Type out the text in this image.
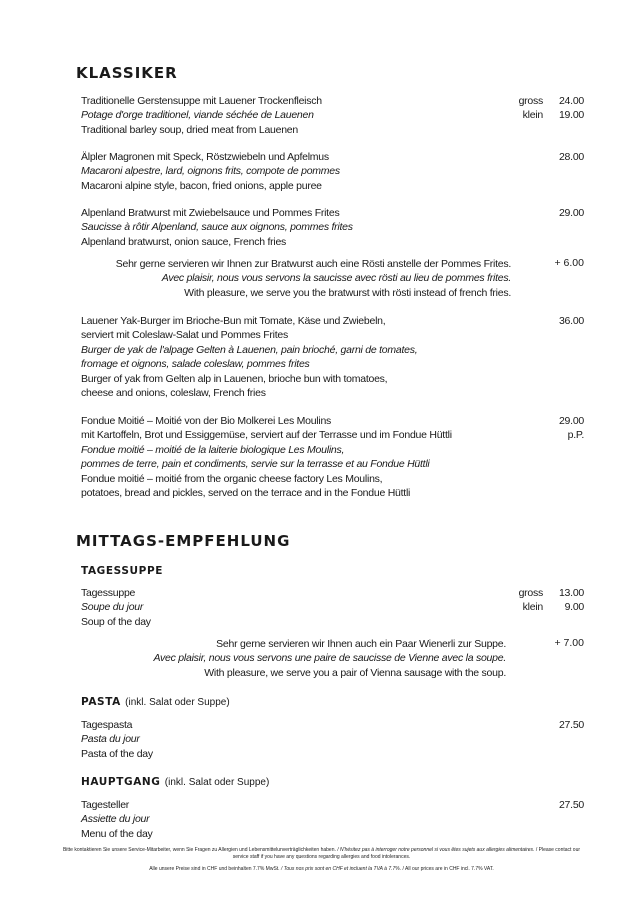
KLASSIKER
Traditionelle Gerstensuppe mit Lauener Trockenfleisch
Potage d'orge traditionel, viande séchée de Lauenen
Traditional barley soup, dried meat from Lauenen
gross 24.00
klein 19.00
Älpler Magronen mit Speck, Röstzwiebeln und Apfelmus
Macaroni alpestre, lard, oignons frits, compote de pommes
Macaroni alpine style, bacon, fried onions, apple puree
28.00
Alpenland Bratwurst mit Zwiebelsauce und Pommes Frites
Saucisse à rôtir Alpenland, sauce aux oignons, pommes frites
Alpenland bratwurst, onion sauce, French fries
29.00
Sehr gerne servieren wir Ihnen zur Bratwurst auch eine Rösti anstelle der Pommes Frites.
Avec plaisir, nous vous servons la saucisse avec rösti au lieu de pommes frites.
With pleasure, we serve you the bratwurst with rösti instead of french fries.
+ 6.00
Lauener Yak-Burger im Brioche-Bun mit Tomate, Käse und Zwiebeln,
serviert mit Coleslaw-Salat und Pommes Frites
Burger de yak de l'alpage Gelten à Lauenen, pain brioché, garni de tomates,
fromage et oignons, salade coleslaw, pommes frites
Burger of yak from Gelten alp in Lauenen, brioche bun with tomatoes,
cheese and onions, coleslaw, French fries
36.00
Fondue Moitié – Moitié von der Bio Molkerei Les Moulins
mit Kartoffeln, Brot und Essiggemüse, serviert auf der Terrasse und im Fondue Hüttli
Fondue moitié – moitié de la laiterie biologique Les Moulins,
pommes de terre, pain et condiments, servie sur la terrasse et au Fondue Hüttli
Fondue moitié – moitié from the organic cheese factory Les Moulins,
potatoes, bread and pickles, served on the terrace and in the Fondue Hüttli
29.00
p.P.
MITTAGS-EMPFEHLUNG
TAGESSUPPE
Tagessuppe
Soupe du jour
Soup of the day
gross 13.00
klein 9.00
Sehr gerne servieren wir Ihnen auch ein Paar Wienerli zur Suppe.
Avec plaisir, nous vous servons une paire de saucisse de Vienne avec la soupe.
With pleasure, we serve you a pair of Vienna sausage with the soup.
+ 7.00
PASTA (inkl. Salat oder Suppe)
Tagespasta
Pasta du jour
Pasta of the day
27.50
HAUPTGANG (inkl. Salat oder Suppe)
Tagesteller
Assiette du jour
Menu of the day
27.50
Bitte kontaktieren Sie unsere Service-Mitarbeiter, wenn Sie Fragen zu Allergien und Lebensmittelunverträglichkeiten haben. / N'hésitez pas à interroger notre personnel si vous êtes sujets aux allergies alimentaires. / Please contact our service staff if you have any questions regarding allergies and food intolerances.
Alle unsere Preise sind in CHF und beinhalten 7.7% MwSt. / Tous nos prix sont en CHF et incluent la TVA à 7.7%. / All our prices are in CHF incl. 7.7% VAT.
